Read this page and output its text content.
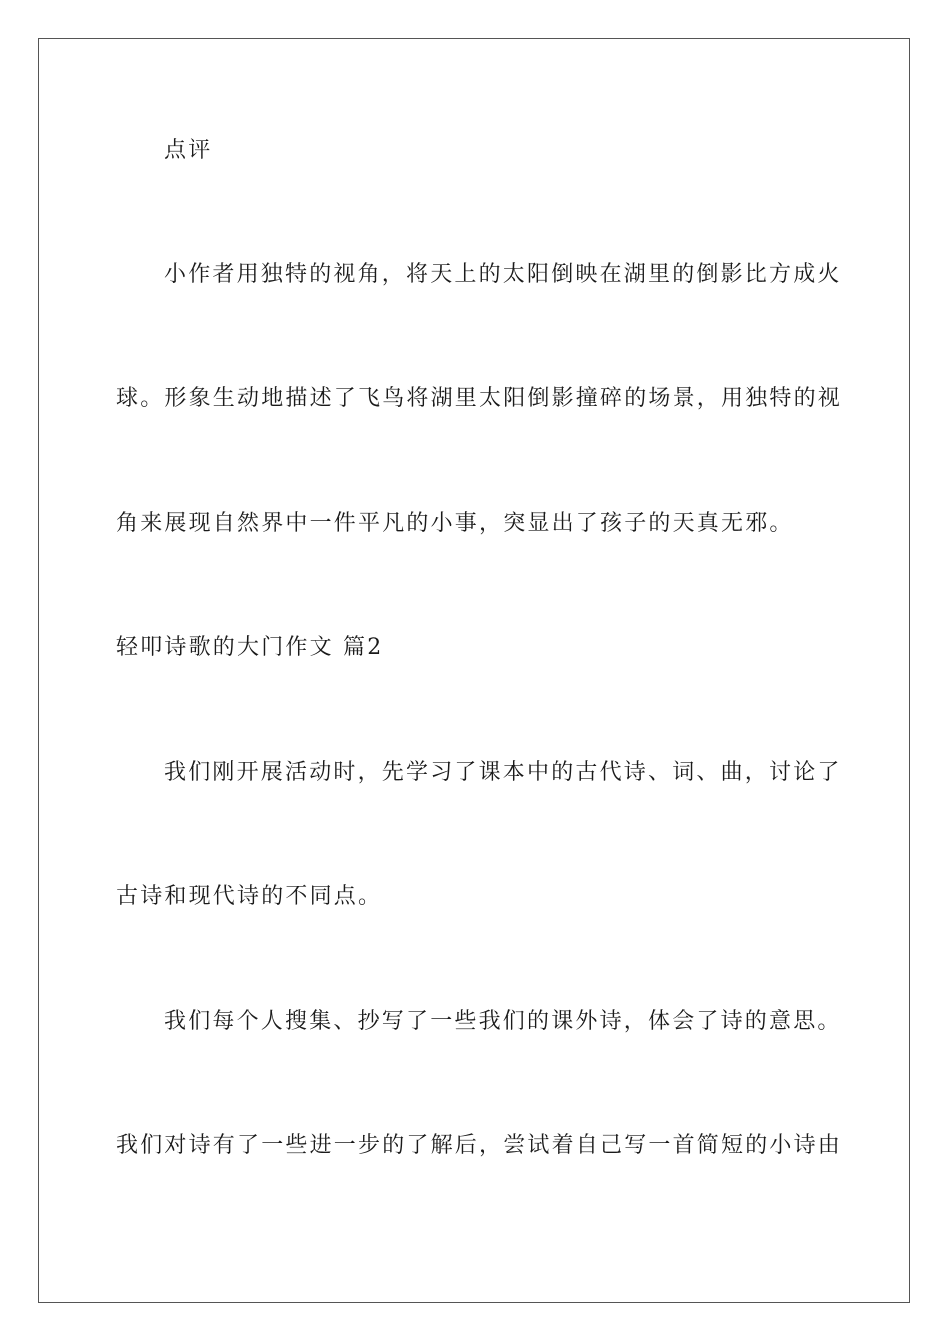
点评

小作者用独特的视角，将天上的太阳倒映在湖里的倒影比方成火

球。形象生动地描述了飞鸟将湖里太阳倒影撞碎的场景，用独特的视

角来展现自然界中一件平凡的小事，突显出了孩子的天真无邪。

轻叩诗歌的大门作文 篇2

我们刚开展活动时，先学习了课本中的古代诗、词、曲，讨论了

古诗和现代诗的不同点。

我们每个人搜集、抄写了一些我们的课外诗，体会了诗的意思。

我们对诗有了一些进一步的了解后，尝试着自己写一首简短的小诗由
